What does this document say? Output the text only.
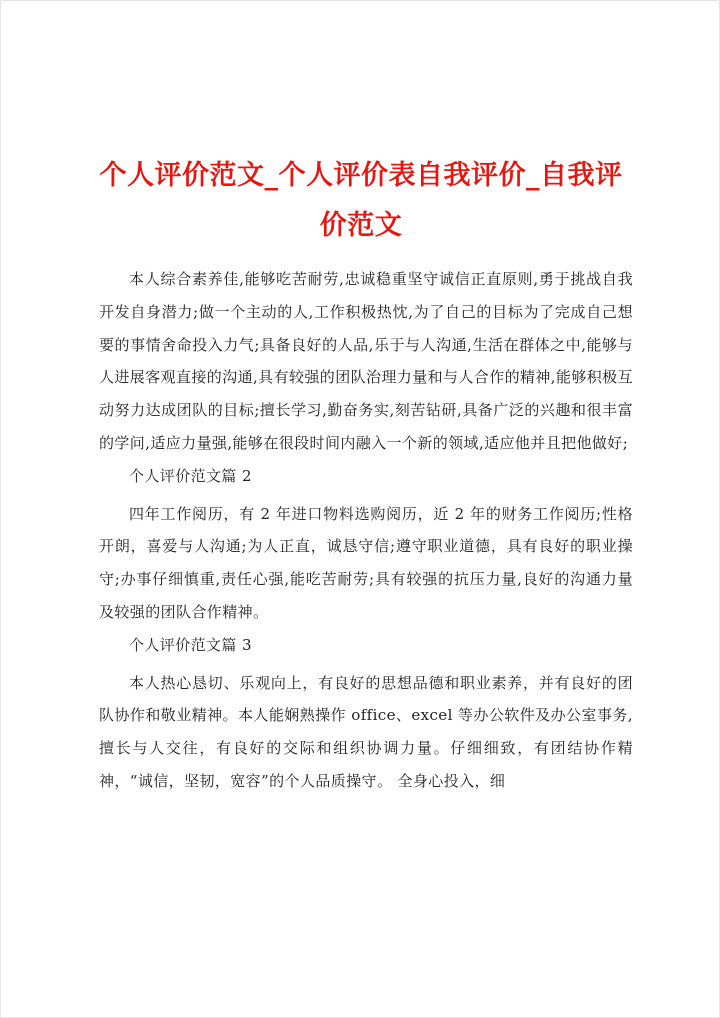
个人评价范文_个人评价表自我评价_自我评价范文

本人综合素养佳,能够吃苦耐劳,忠诚稳重坚守诚信正直原则,勇于挑战自我开发自身潜力;做一个主动的人,工作积极热忱,为了自己的目标为了完成自己想要的事情舍命投入力气;具备良好的人品,乐于与人沟通,生活在群体之中,能够与人进展客观直接的沟通,具有较强的团队治理力量和与人合作的精神,能够积极互动努力达成团队的目标;擅长学习,勤奋务实,刻苦钻研,具备广泛的兴趣和很丰富的学问,适应力量强,能够在很段时间内融入一个新的领域,适应他并且把他做好;

个人评价范文篇 2

四年工作阅历，有 2 年进口物料选购阅历，近 2 年的财务工作阅历;性格开朗，喜爱与人沟通;为人正直，诚恳守信;遵守职业道德，具有良好的职业操守;办事仔细慎重,责任心强,能吃苦耐劳;具有较强的抗压力量,良好的沟通力量及较强的团队合作精神。

个人评价范文篇 3

本人热心恳切、乐观向上，有良好的思想品德和职业素养，并有良好的团队协作和敬业精神。本人能娴熟操作 office、excel 等办公软件及办公室事务,擅长与人交往，有良好的交际和组织协调力量。仔细细致，有团结协作精神，“诚信，坚韧，宽容”的个人品质操守。 全身心投入，细
